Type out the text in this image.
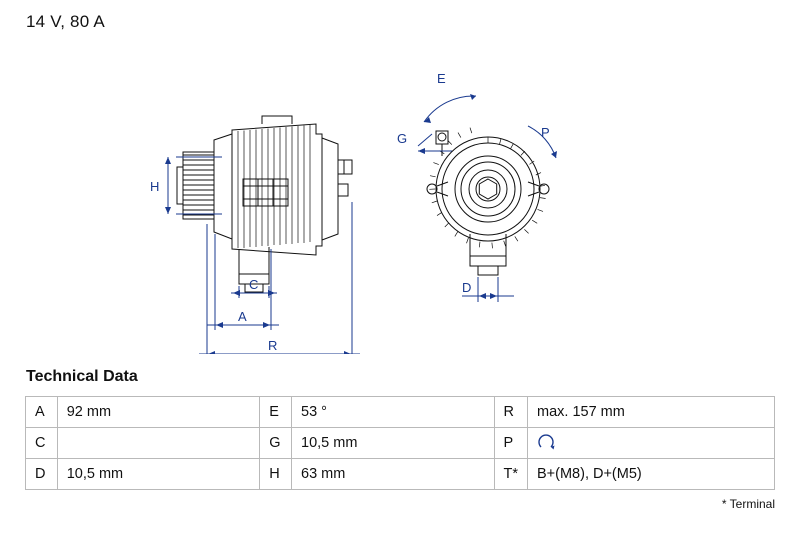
14 V, 80 A
H
C
A
R
E
G	P
D
Technical Data
A	92 mm	E	53 °	R	max. 157 mm
C		G	10,5 mm	P	

D	10,5 mm	H	63 mm	T*	B+(M8), D+(M5)
* Terminal
